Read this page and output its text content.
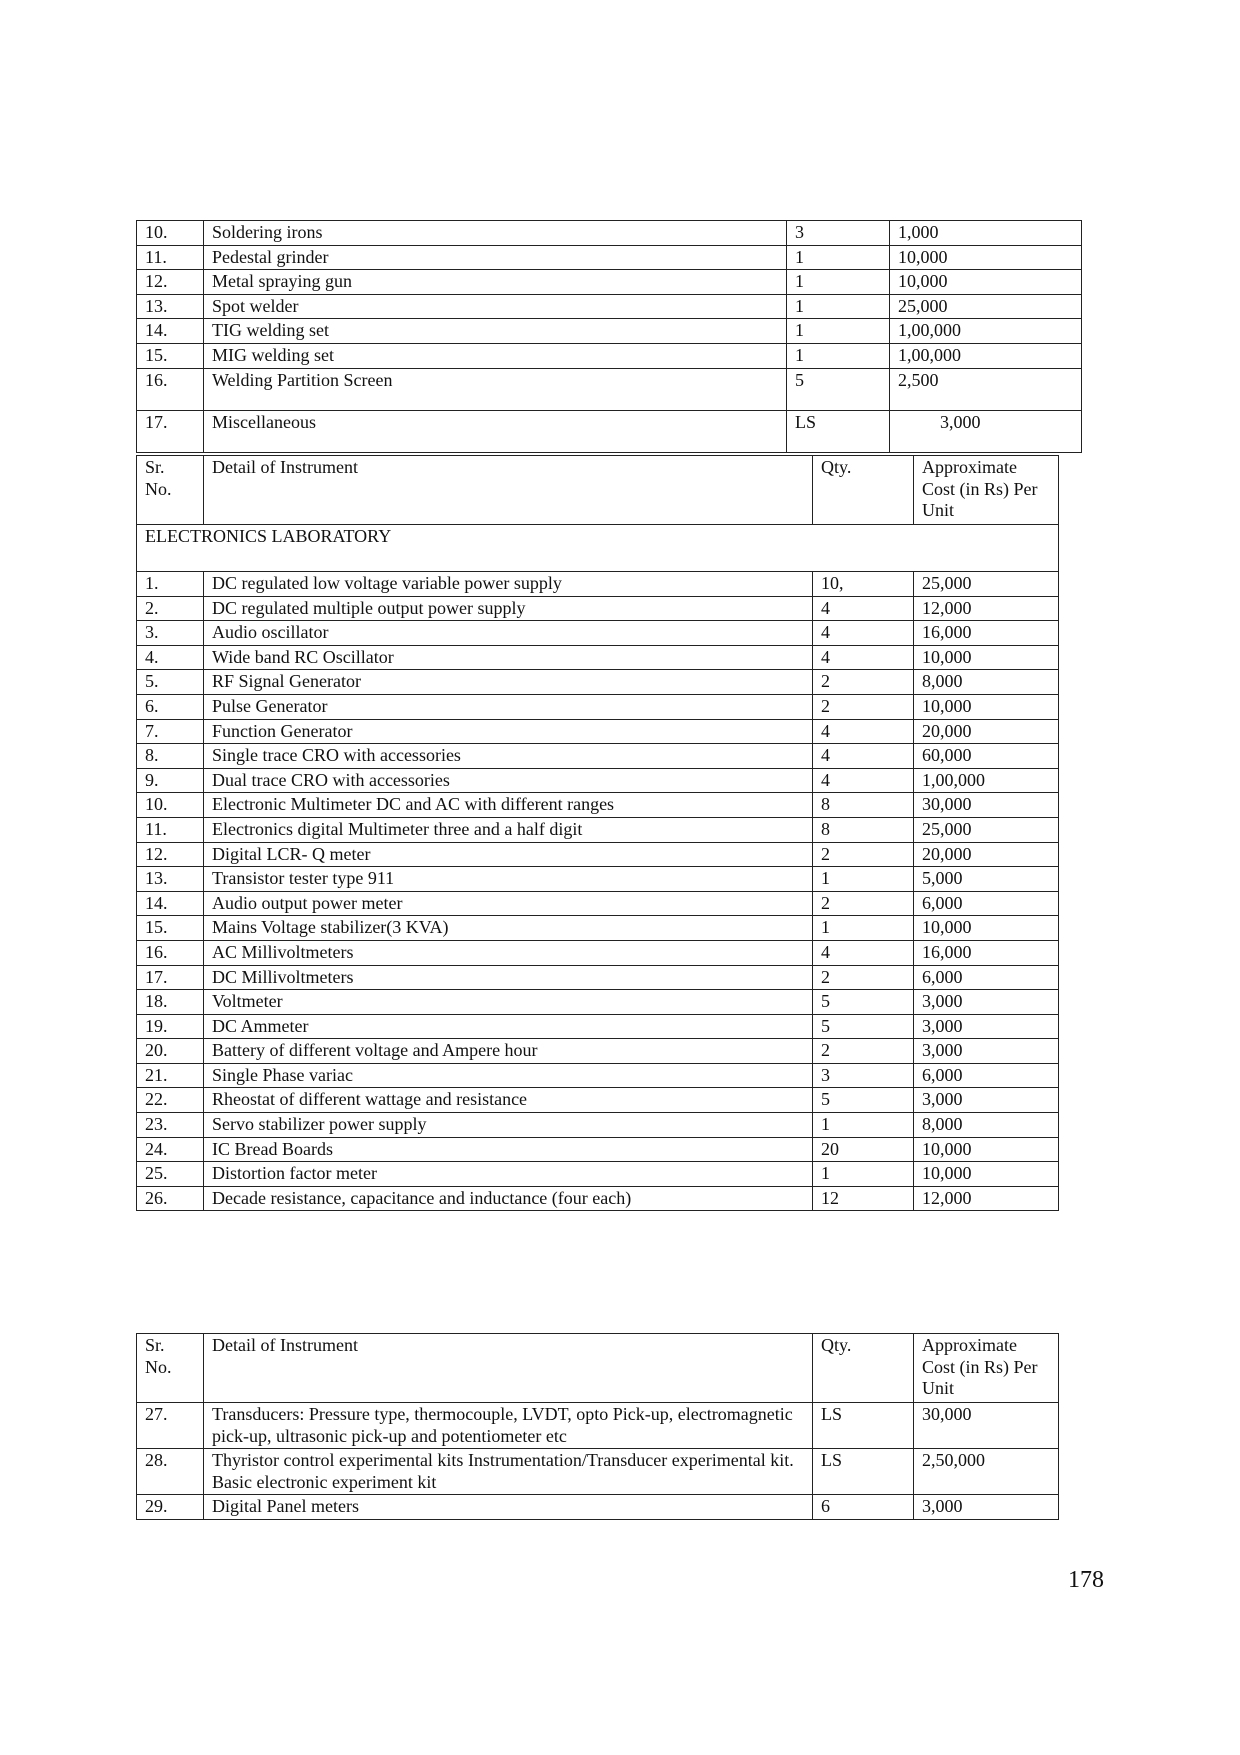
10.	Soldering irons	3	1,000
11.	Pedestal grinder	1	10,000
12.	Metal spraying gun	1	10,000
13.	Spot welder	1	25,000
14.	TIG welding set	1	1,00,000
15.	MIG welding set	1	1,00,000
16.	Welding Partition Screen	5	2,500
17.	Miscellaneous	LS	3,000
Sr. No.	Detail of Instrument	Qty.	Approximate Cost (in Rs) Per Unit
ELECTRONICS LABORATORY			
1.	DC regulated low voltage variable power supply	10,	25,000
2.	DC regulated multiple output power supply	4	12,000
3.	Audio oscillator	4	16,000
4.	Wide band RC Oscillator	4	10,000
5.	RF Signal Generator	2	8,000
6.	Pulse Generator	2	10,000
7.	Function Generator	4	20,000
8.	Single trace CRO with accessories	4	60,000
9.	Dual trace CRO with accessories	4	1,00,000
10.	Electronic Multimeter DC and AC with different ranges	8	30,000
11.	Electronics digital Multimeter three and a half digit	8	25,000
12.	Digital LCR- Q meter	2	20,000
13.	Transistor tester type 911	1	5,000
14.	Audio output power meter	2	6,000
15.	Mains Voltage stabilizer(3 KVA)	1	10,000
16.	AC Millivoltmeters	4	16,000
17.	DC Millivoltmeters	2	6,000
18.	Voltmeter	5	3,000
19.	DC Ammeter	5	3,000
20.	Battery of different voltage and Ampere hour	2	3,000
21.	Single Phase variac	3	6,000
22.	Rheostat of different wattage and resistance	5	3,000
23.	Servo stabilizer power supply	1	8,000
24.	IC Bread Boards	20	10,000
25.	Distortion factor meter	1	10,000
26.	Decade resistance, capacitance and inductance (four each)	12	12,000
Sr. No.	Detail of Instrument	Qty.	Approximate Cost (in Rs) Per Unit
27.	Transducers: Pressure type, thermocouple, LVDT, opto Pick-up, electromagnetic pick-up, ultrasonic pick-up and potentiometer etc	LS	30,000
28.	Thyristor control experimental kits Instrumentation/Transducer experimental kit. Basic electronic experiment kit	LS	2,50,000
29.	Digital Panel meters	6	3,000
178
